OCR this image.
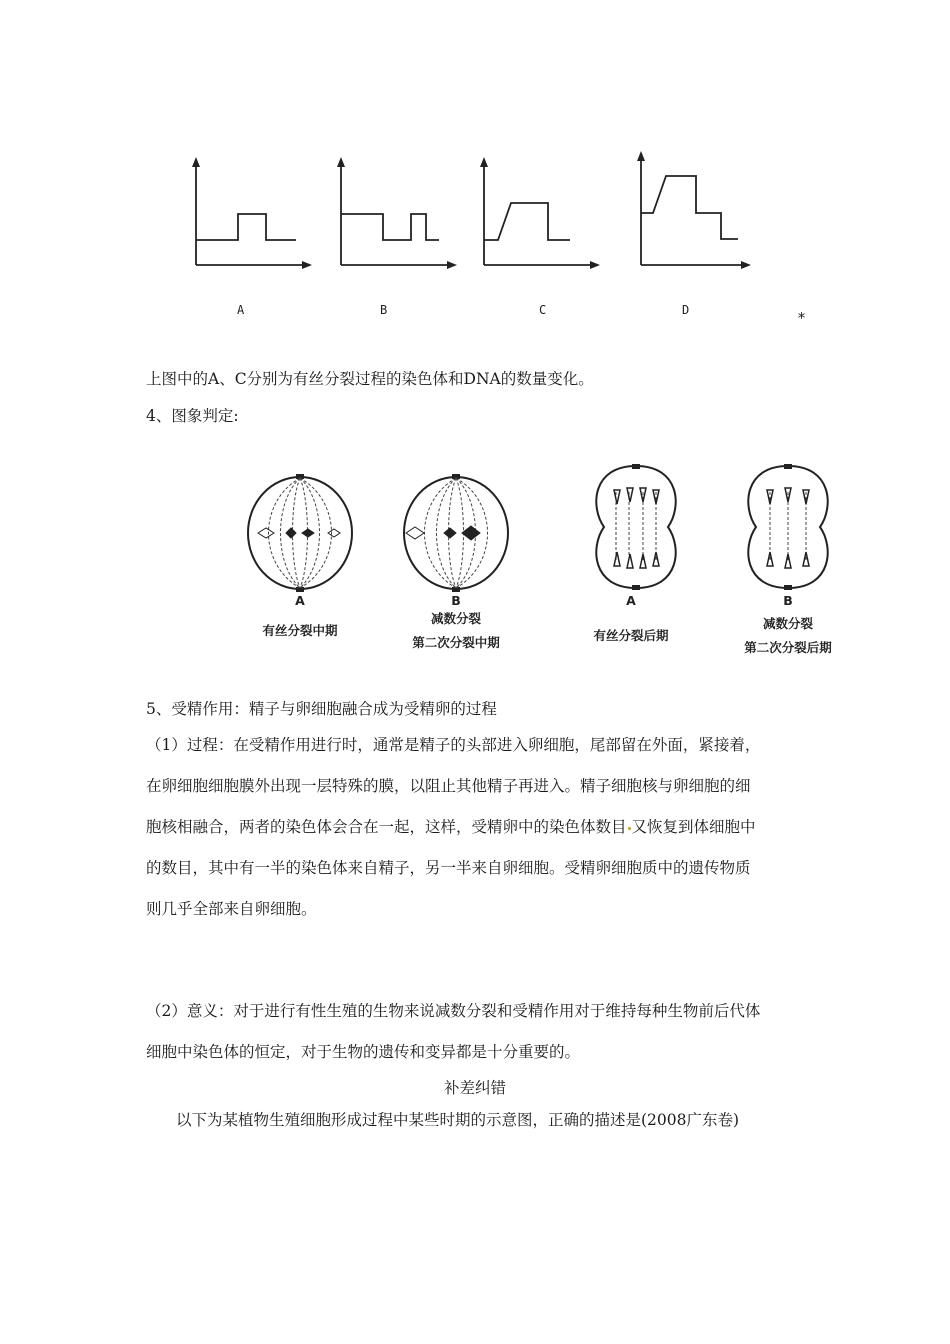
A	B	C	D	*
上图中的A、C分别为有丝分裂过程的染色体和DNA的数量变化。
4、图象判定:
A
有丝分裂中期
B
减数分裂
第二次分裂中期
A
有丝分裂后期
B
减数分裂
第二次分裂后期
5、受精作用：精子与卵细胞融合成为受精卵的过程
（1）过程：在受精作用进行时，通常是精子的头部进入卵细胞，尾部留在外面，紧接着，
在卵细胞细胞膜外出现一层特殊的膜，以阻止其他精子再进入。精子细胞核与卵细胞的细
胞核相融合，两者的染色体会合在一起，这样，受精卵中的染色体数目 又恢复到体细胞中
的数目，其中有一半的染色体来自精子，另一半来自卵细胞。受精卵细胞质中的遗传物质
则几乎全部来自卵细胞。
（2）意义：对于进行有性生殖的生物来说减数分裂和受精作用对于维持每种生物前后代体
细胞中染色体的恒定，对于生物的遗传和变异都是十分重要的。
补差纠错
以下为某植物生殖细胞形成过程中某些时期的示意图，正确的描述是(2008广东卷)
